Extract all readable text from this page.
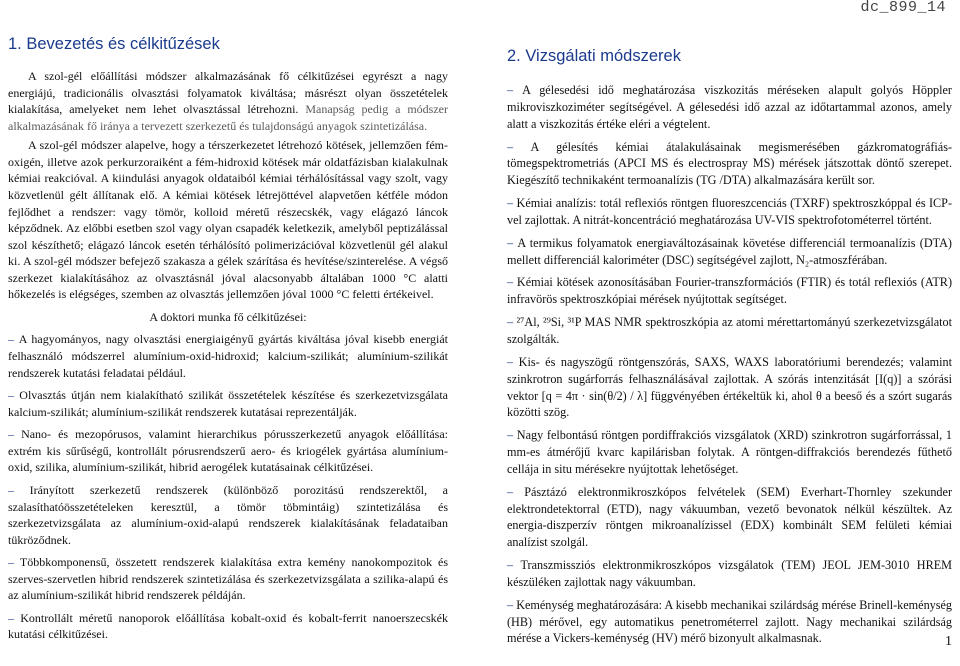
dc_899_14
1. Bevezetés és célkitűzések

A szol-gél előállítási módszer alkalmazásának fő célkitűzései egyrészt a nagy energiájú, tradicionális olvasztási folyamatok kiváltása; másrészt olyan összetételek kialakítása, amelyeket nem lehet olvasztással létrehozni. Manapság pedig a módszer alkalmazásának fő iránya a tervezett szerkezetű és tulajdonságú anyagok szintetizálása.

A szol-gél módszer alapelve, hogy a térszerkezetet létrehozó kötések, jellemzően fém-oxigén, illetve azok perkurzoraiként a fém-hidroxid kötések már oldatfázisban kialakulnak kémiai reakcióval. A kiindulási anyagok oldataiból kémiai térhálósítással vagy szolt, vagy közvetlenül gélt állítanak elő. A kémiai kötések létrejöttével alapvetően kétféle módon fejlődhet a rendszer: vagy tömör, kolloid méretű részecskék, vagy elágazó láncok képződnek. Az előbbi esetben szol vagy olyan csapadék keletkezik, amelyből peptizálással szol készíthető; elágazó láncok esetén térhálósító polimerizációval közvetlenül gél alakul ki. A szol-gél módszer befejező szakasza a gélek szárítása és hevítése/szinterelése. A végső szerkezet kialakításához az olvasztásnál jóval alacsonyabb általában 1000 °C alatti hőkezelés is elégséges, szemben az olvasztás jellemzően jóval 1000 °C feletti értékeivel.

A doktori munka fő célkitűzései:

– A hagyományos, nagy olvasztási energiaigényű gyártás kiváltása jóval kisebb energiát felhasználó módszerrel alumínium-oxid-hidroxid; kalcium-szilikát; alumínium-szilikát rendszerek kutatási feladatai például.

– Olvasztás útján nem kialakítható szilikát összetételek készítése és szerkezetvizsgálata kalcium-szilikát; alumínium-szilikát rendszerek kutatásai reprezentálják.

– Nano- és mezopórusos, valamint hierarchikus pórusszerkezetű anyagok előállítása: extrém kis sűrűségű, kontrollált pórusrendszerű aero- és kriogélek gyártása alumínium-oxid, szilika, alumínium-szilikát, hibrid aerogélek kutatásainak célkitűzései.

– Irányított szerkezetű rendszerek (különböző porozitású rendszerektől, a szalasíthatóösszetételeken keresztül, a tömör töbmintáig) szintetizálása és szerkezetvizsgálata az alumínium-oxid-alapú rendszerek kialakításának feladataiban tükröződnek.

– Többkomponensű, összetett rendszerek kialakítása extra kemény nanokompozitok és szerves-szervetlen hibrid rendszerek szintetizálása és szerkezetvizsgálata a szilika-alapú és az alumínium-szilikát hibrid rendszerek példáján.

– Kontrollált méretű nanoporok előállítása kobalt-oxid és kobalt-ferrit nanoerszecskék kutatási célkitűzései.

2. Vizsgálati módszerek

– A gélesedési idő meghatározása viszkozitás méréseken alapult golyós Höppler mikroviszkoziméter segítségével. A gélesedési idő azzal az időtartammal azonos, amely alatt a viszkozitás értéke eléri a végtelent.

– A gélesítés kémiai átalakulásainak megismerésében gázkromatográfiás-tömegspektrometriás (APCI MS és electrospray MS) mérések játszottak döntő szerepet. Kiegészítő technikaként termoanalízis (TG /DTA) alkalmazására került sor.

– Kémiai analízis: totál reflexiós röntgen fluoreszcenciás (TXRF) spektroszkóppal és ICP-vel zajlottak. A nitrát-koncentráció meghatározása UV-VIS spektrofotométerrel történt.

– A termikus folyamatok energiaváltozásainak követése differenciál termoanalízis (DTA) mellett differenciál kaloriméter (DSC) segítségével zajlott, N₂-atmoszférában.

– Kémiai kötések azonosításában Fourier-transzformációs (FTIR) és totál reflexiós (ATR) infravörös spektroszkópiai mérések nyújtottak segítséget.

– ²⁷Al, ²⁹Si, ³¹P MAS NMR spektroszkópia az atomi mérettartományú szerkezetvizsgálatot szolgálták.

– Kis- és nagyszögű röntgenszórás, SAXS, WAXS laboratóriumi berendezés; valamint szinkrotron sugárforrás felhasználásával zajlottak. A szórás intenzitását [I(q)] a szórási vektor [q = 4π · sin(θ/2) / λ] függvényében értékeltük ki, ahol θ a beeső és a szórt sugarás közötti szög.

– Nagy felbontású röntgen pordiffrakciós vizsgálatok (XRD) szinkrotron sugárforrással, 1 mm-es átmérőjű kvarc kapilárisban folytak. A röntgen-diffrakciós berendezés fűthető cellája in situ mérésekre nyújtottak lehetőséget.

– Pásztázó elektronmikroszkópos felvételek (SEM) Everhart-Thornley szekunder elektrondetektorral (ETD), nagy vákuumban, vezető bevonatok nélkül készültek. Az energia-diszperzív röntgen mikroanalízissel (EDX) kombinált SEM felületi kémiai analízist szolgál.

– Transzmissziós elektronmikroszkópos vizsgálatok (TEM) JEOL JEM-3010 HREM készüléken zajlottak nagy vákuumban.

– Keménység meghatározására: A kisebb mechanikai szilárdság mérése Brinell-keménység (HB) mérővel, egy automatikus penetrométerrel zajlott. Nagy mechanikai szilárdság mérése a Vickers-keménység (HV) mérő bizonyult alkalmasnak.	1
